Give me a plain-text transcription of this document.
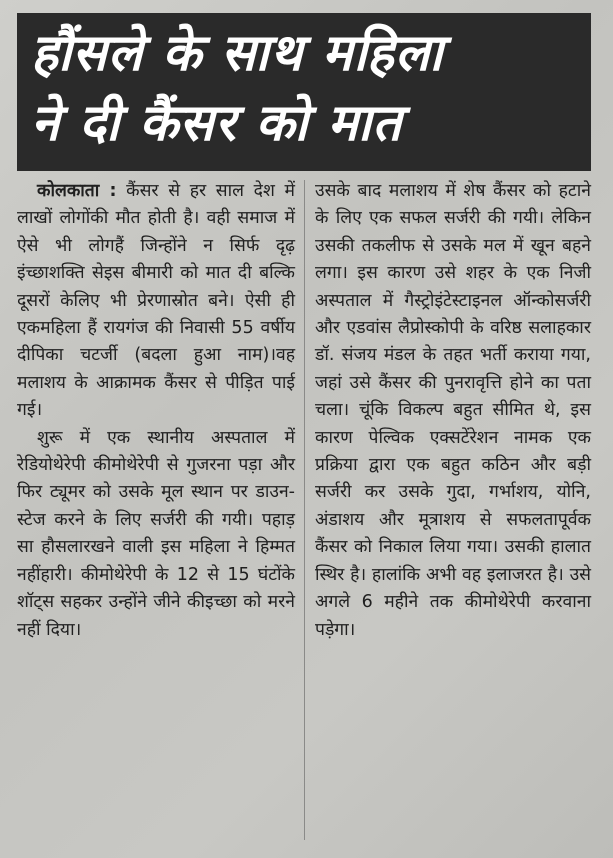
हौंसले के साथ महिला
ने दी कैंसर को मात

कोलकाता : कैंसर से हर साल देश में लाखों लोगोंकी मौत होती है। वही समाज में ऐसे भी लोगहैं जिन्होंने न सिर्फ दृढ़ इंच्छाशक्ति सेइस बीमारी को मात दी बल्कि दूसरों केलिए भी प्रेरणास्रोत बने। ऐसी ही एकमहिला हैं रायगंज की निवासी 55 वर्षीय दीपिका चटर्जी (बदला हुआ नाम)।वह मलाशय के आक्रामक कैंसर से पीड़ित पाई गई।

शुरू में एक स्थानीय अस्पताल में रेडियोथेरेपी कीमोथेरेपी से गुजरना पड़ा और फिर ट्यूमर को उसके मूल स्थान पर डाउन-स्टेज करने के लिए सर्जरी की गयी। पहाड़ सा हौसलारखने वाली इस महिला ने हिम्मत नहींहारी। कीमोथेरेपी के 12 से 15 घंटोंके शॉट्स सहकर उन्होंने जीने कीइच्छा को मरने नहीं दिया।

उसके बाद मलाशय में शेष कैंसर को हटाने के लिए एक सफल सर्जरी की गयी। लेकिन उसकी तकलीफ से उसके मल में खून बहने लगा। इस कारण उसे शहर के एक निजी अस्पताल में गैस्ट्रोइंटेस्टाइनल ऑन्कोसर्जरी और एडवांस लैप्रोस्कोपी के वरिष्ठ सलाहकार डॉ. संजय मंडल के तहत भर्ती कराया गया, जहां उसे कैंसर की पुनरावृत्ति होने का पता चला। चूंकि विकल्प बहुत सीमित थे, इस कारण पेल्विक एक्सटेंरेशन नामक एक प्रक्रिया द्वारा एक बहुत कठिन और बड़ी सर्जरी कर उसके गुदा, गर्भाशय, योनि, अंडाशय और मूत्राशय से सफलतापूर्वक कैंसर को निकाल लिया गया। उसकी हालात स्थिर है। हालांकि अभी वह इलाजरत है। उसे अगले 6 महीने तक कीमोथेरेपी करवाना पड़ेगा।
